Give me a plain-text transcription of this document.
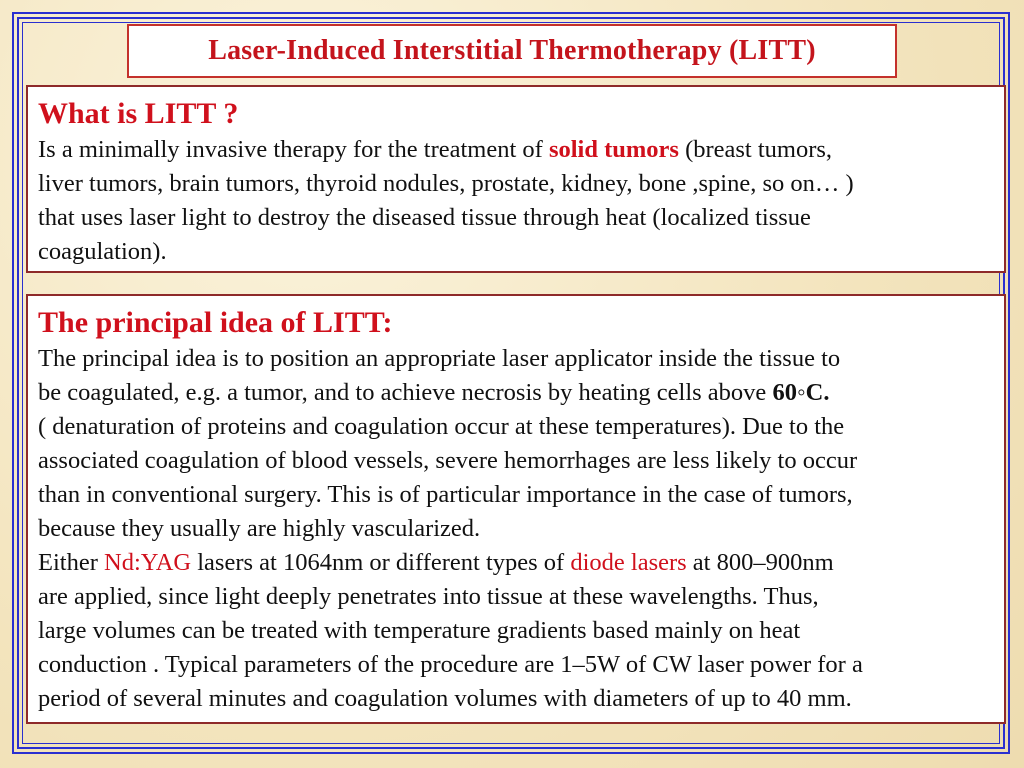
Laser-Induced Interstitial Thermotherapy (LITT)
What is LITT ?

Is a minimally invasive therapy for the treatment of solid tumors (breast tumors,
liver tumors, brain tumors, thyroid nodules, prostate, kidney, bone ,spine, so on… )
that uses laser light to destroy the diseased tissue through heat (localized tissue
coagulation).

The principal idea of LITT:

The principal idea is to position an appropriate laser applicator inside the tissue to
be coagulated, e.g. a tumor, and to achieve necrosis by heating cells above 60◦C.
( denaturation of proteins and coagulation occur at these temperatures). Due to the
associated coagulation of blood vessels, severe hemorrhages are less likely to occur
than in conventional surgery. This is of particular importance in the case of tumors,
because they usually are highly vascularized.
Either Nd:YAG lasers at 1064nm or different types of diode lasers at 800–900nm
are applied, since light deeply penetrates into tissue at these wavelengths. Thus,
large volumes can be treated with temperature gradients based mainly on heat
conduction . Typical parameters of the procedure are 1–5W of CW laser power for a
period of several minutes and coagulation volumes with diameters of up to 40 mm.
